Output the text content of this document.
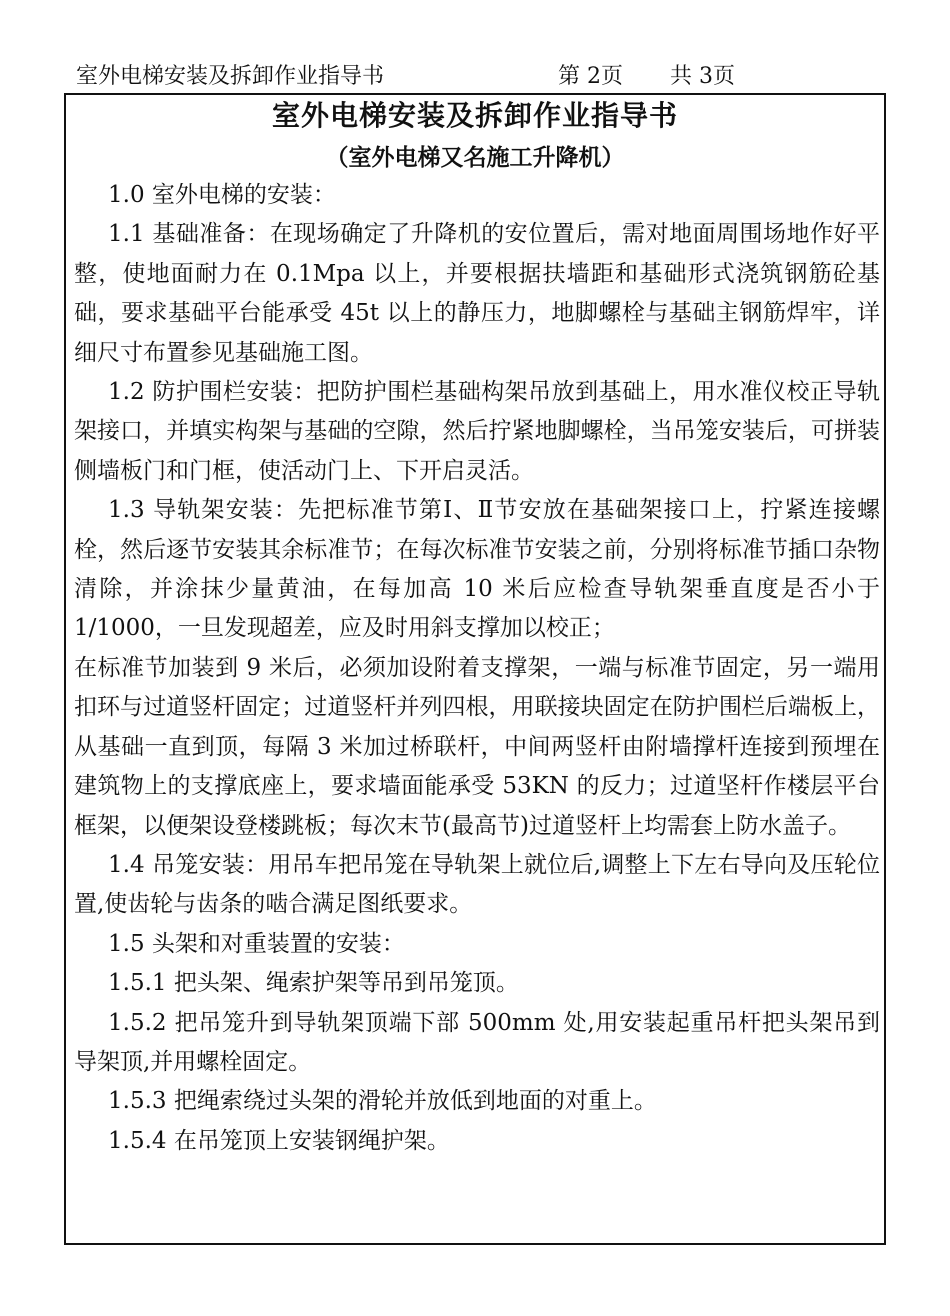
室外电梯安装及拆卸作业指导书	第 2页 共 3页
室外电梯安装及拆卸作业指导书
（室外电梯又名施工升降机）

1.0 室外电梯的安装：

1.1 基础准备：在现场确定了升降机的安位置后，需对地面周围场地作好平整，使地面耐力在 0.1Mpa 以上，并要根据扶墙距和基础形式浇筑钢筋砼基础，要求基础平台能承受 45t 以上的静压力，地脚螺栓与基础主钢筋焊牢，详细尺寸布置参见基础施工图。

1.2 防护围栏安装：把防护围栏基础构架吊放到基础上，用水准仪校正导轨架接口，并填实构架与基础的空隙，然后拧紧地脚螺栓，当吊笼安装后，可拼装侧墙板门和门框，使活动门上、下开启灵活。

1.3 导轨架安装：先把标准节第Ⅰ、Ⅱ节安放在基础架接口上，拧紧连接螺栓，然后逐节安装其余标准节；在每次标准节安装之前，分别将标准节插口杂物清除，并涂抹少量黄油，在每加高 10 米后应检查导轨架垂直度是否小于 1/1000，一旦发现超差，应及时用斜支撑加以校正；

在标准节加装到 9 米后，必须加设附着支撑架，一端与标准节固定，另一端用扣环与过道竖杆固定；过道竖杆并列四根，用联接块固定在防护围栏后端板上，从基础一直到顶，每隔 3 米加过桥联杆，中间两竖杆由附墙撑杆连接到预埋在建筑物上的支撑底座上，要求墙面能承受 53KN 的反力；过道坚杆作楼层平台框架，以便架设登楼跳板；每次末节(最高节)过道竖杆上均需套上防水盖子。

1.4 吊笼安装：用吊车把吊笼在导轨架上就位后,调整上下左右导向及压轮位置,使齿轮与齿条的啮合满足图纸要求。

1.5 头架和对重装置的安装：

1.5.1 把头架、绳索护架等吊到吊笼顶。

1.5.2 把吊笼升到导轨架顶端下部 500mm 处,用安装起重吊杆把头架吊到导架顶,并用螺栓固定。

1.5.3 把绳索绕过头架的滑轮并放低到地面的对重上。

1.5.4 在吊笼顶上安装钢绳护架。
